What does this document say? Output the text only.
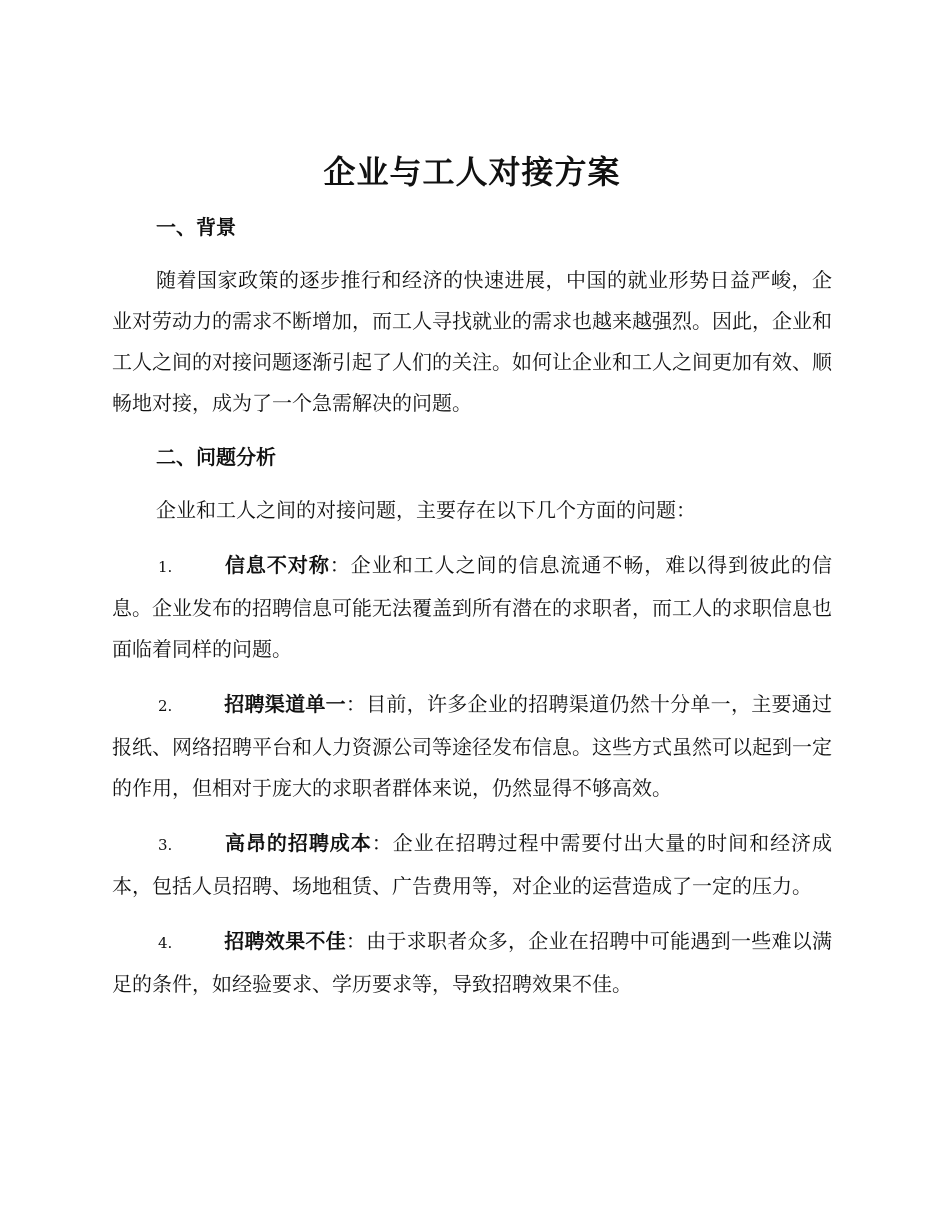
企业与工人对接方案
一、背景

随着国家政策的逐步推行和经济的快速进展，中国的就业形势日益严峻，企业对劳动力的需求不断增加，而工人寻找就业的需求也越来越强烈。因此，企业和工人之间的对接问题逐渐引起了人们的关注。如何让企业和工人之间更加有效、顺畅地对接，成为了一个急需解决的问题。

二、问题分析

企业和工人之间的对接问题，主要存在以下几个方面的问题：

1.	信息不对称：企业和工人之间的信息流通不畅，难以得到彼此的信息。企业发布的招聘信息可能无法覆盖到所有潜在的求职者，而工人的求职信息也面临着同样的问题。

2.	招聘渠道单一：目前，许多企业的招聘渠道仍然十分单一，主要通过报纸、网络招聘平台和人力资源公司等途径发布信息。这些方式虽然可以起到一定的作用，但相对于庞大的求职者群体来说，仍然显得不够高效。

3.	高昂的招聘成本：企业在招聘过程中需要付出大量的时间和经济成本，包括人员招聘、场地租赁、广告费用等，对企业的运营造成了一定的压力。

4.	招聘效果不佳：由于求职者众多，企业在招聘中可能遇到一些难以满足的条件，如经验要求、学历要求等，导致招聘效果不佳。
